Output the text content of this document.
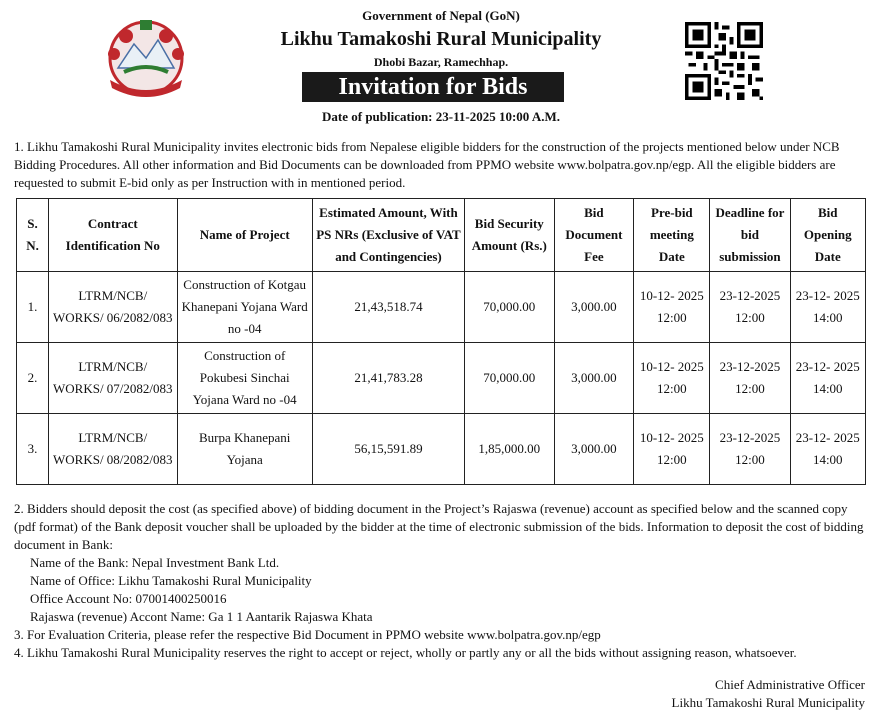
Government of Nepal (GoN)
Likhu Tamakoshi Rural Municipality
Dhobi Bazar, Ramechhap.
Invitation for Bids
Date of publication: 23-11-2025 10:00 A.M.
1. Likhu Tamakoshi Rural Municipality invites electronic bids from Nepalese eligible bidders for the construction of the projects mentioned below under NCB Bidding Procedures. All other information and Bid Documents can be downloaded from PPMO website www.bolpatra.gov.np/egp. All the eligible bidders are requested to submit E-bid only as per Instruction with in mentioned period.
S. N.	Contract Identification No	Name of Project	Estimated Amount, With PS NRs (Exclusive of VAT and Contingencies)	Bid Security Amount (Rs.)	Bid Document Fee	Pre-bid meeting Date	Deadline for bid submission	Bid Opening Date
1.	LTRM/NCB/ WORKS/ 06/2082/083	Construction of Kotgau Khanepani Yojana Ward no -04	21,43,518.74	70,000.00	3,000.00	10-12- 2025 12:00	23-12-2025 12:00	23-12- 2025 14:00
2.	LTRM/NCB/ WORKS/ 07/2082/083	Construction of Pokubesi Sinchai Yojana Ward no -04	21,41,783.28	70,000.00	3,000.00	10-12- 2025 12:00	23-12-2025 12:00	23-12- 2025 14:00
3.	LTRM/NCB/ WORKS/ 08/2082/083	Burpa Khanepani Yojana	56,15,591.89	1,85,000.00	3,000.00	10-12- 2025 12:00	23-12-2025 12:00	23-12- 2025 14:00
2. Bidders should deposit the cost (as specified above) of bidding document in the Project’s Rajaswa (revenue) account as specified below and the scanned copy (pdf format) of the Bank deposit voucher shall be uploaded by the bidder at the time of electronic submission of the bids. Information to deposit the cost of bidding document in Bank:
Name of the Bank: Nepal Investment Bank Ltd.
Name of Office: Likhu Tamakoshi Rural Municipality
Office Account No: 07001400250016
Rajaswa (revenue) Accont Name: Ga 1 1 Aantarik Rajaswa Khata
3. For Evaluation Criteria, please refer the respective Bid Document in PPMO website www.bolpatra.gov.np/egp
4. Likhu Tamakoshi Rural Municipality reserves the right to accept or reject, wholly or partly any or all the bids without assigning reason, whatsoever.
Chief Administrative Officer
Likhu Tamakoshi Rural Municipality
